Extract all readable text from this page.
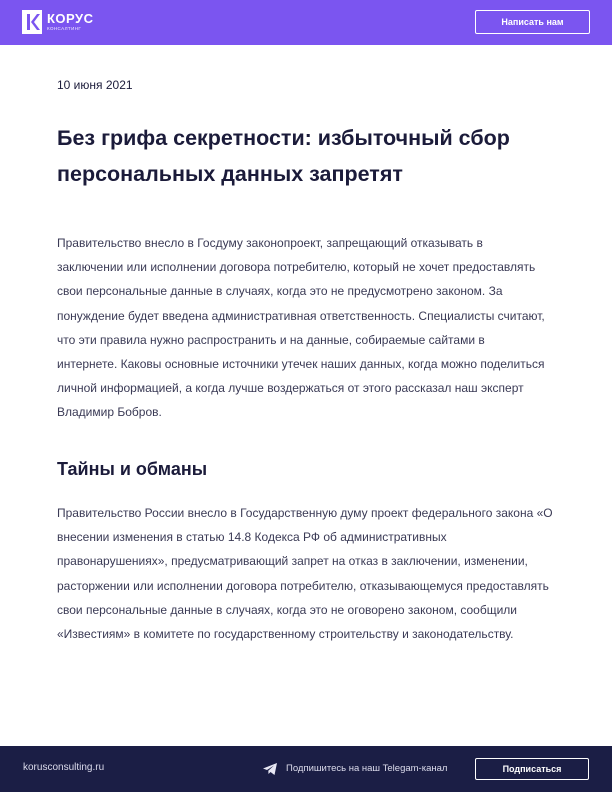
КОРУС
КОНСАЛТИНГ
Написать нам
10 июня 2021
Без грифа секретности: избыточный сбор персональных данных запретят

Правительство внесло в Госдуму законопроект, запрещающий отказывать в заключении или исполнении договора потребителю, который не хочет предоставлять свои персональные данные в случаях, когда это не предусмотрено законом. За понуждение будет введена административная ответственность. Специалисты считают, что эти правила нужно распространить и на данные, собираемые сайтами в интернете. Каковы основные источники утечек наших данных, когда можно поделиться личной информацией, а когда лучше воздержаться от этого рассказал наш эксперт Владимир Бобров.

Тайны и обманы

Правительство России внесло в Государственную думу проект федерального закона «О внесении изменения в статью 14.8 Кодекса РФ об административных правонарушениях», предусматривающий запрет на отказ в заключении, изменении, расторжении или исполнении договора потребителю, отказывающемуся предоставлять свои персональные данные в случаях, когда это не оговорено законом, сообщили «Известиям» в комитете по государственному строительству и законодательству.

korusconsulting.ru	Подпишитесь на наш Telegam-канал	Подписаться
